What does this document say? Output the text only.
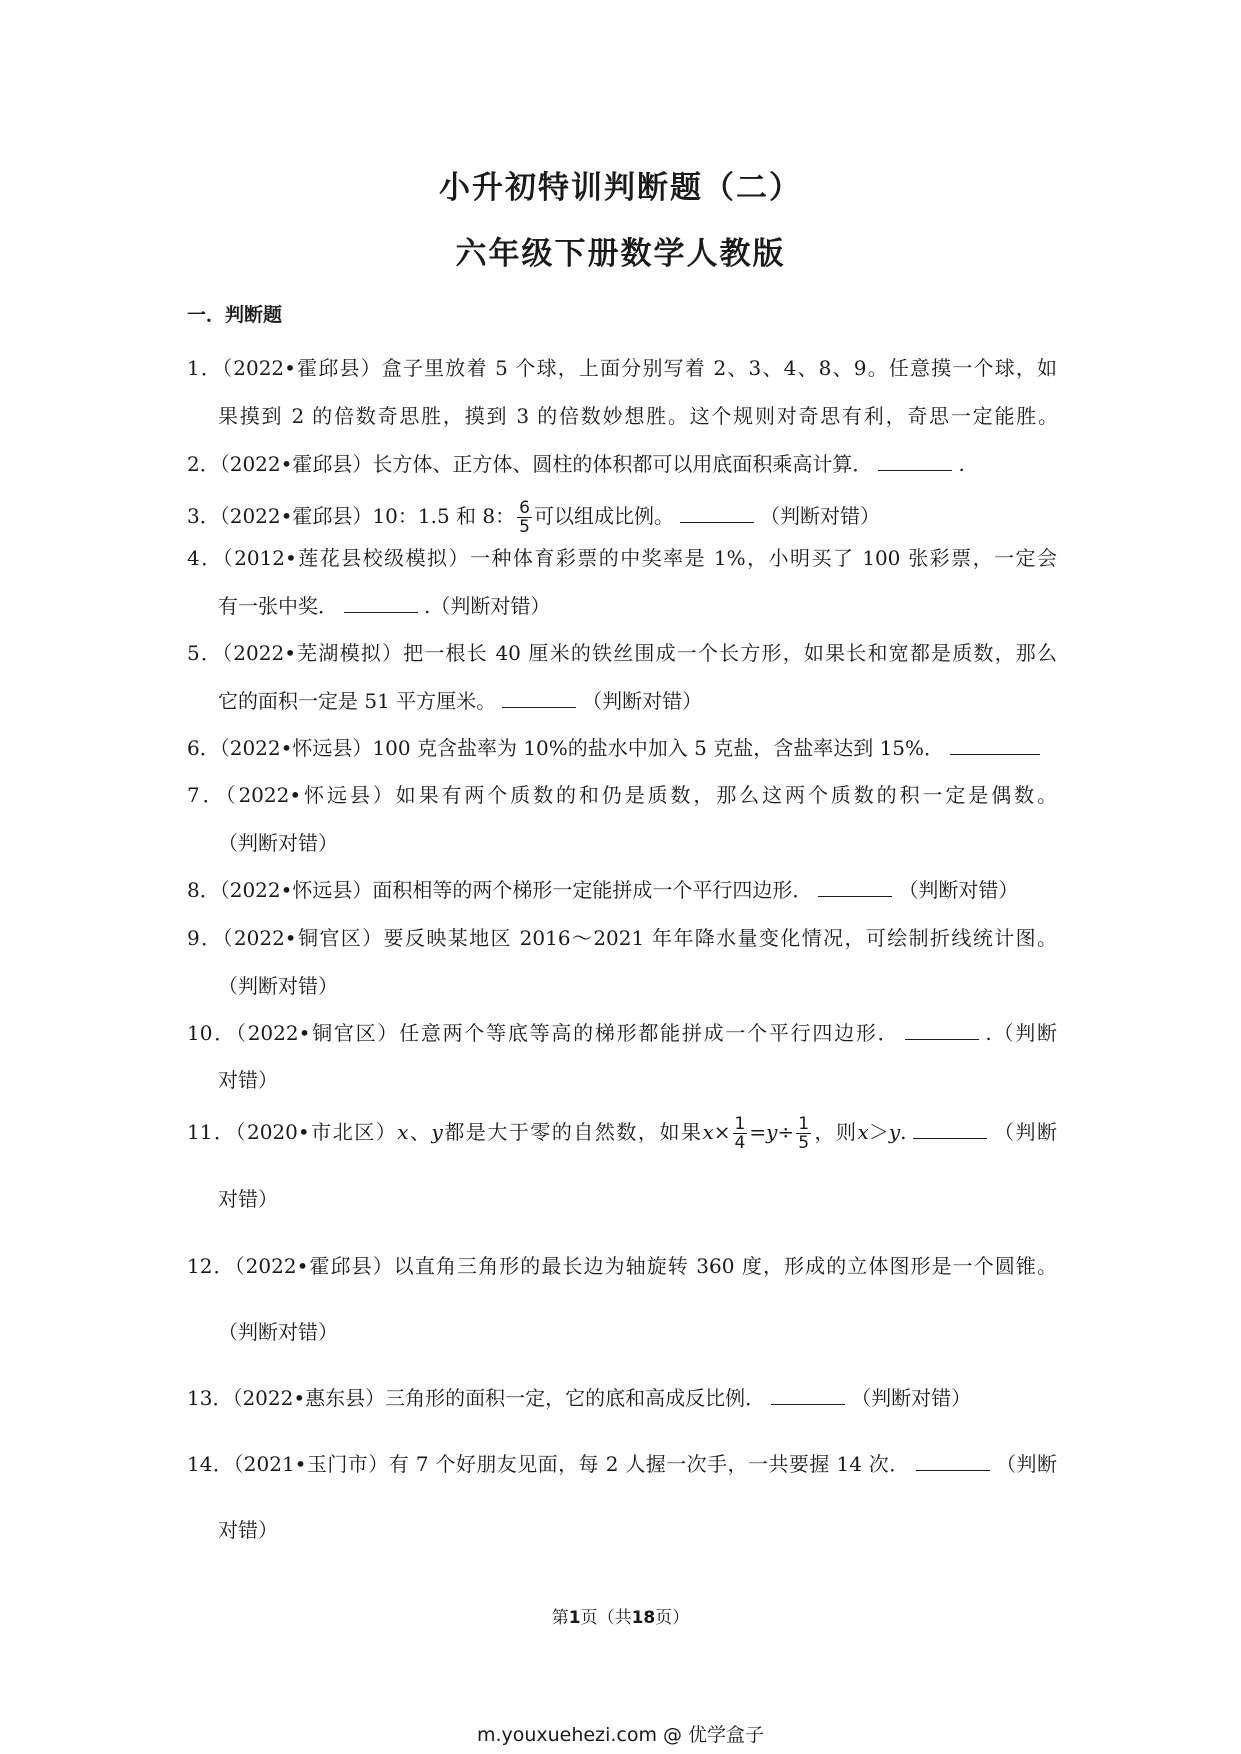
小升初特训判断题（二）
六年级下册数学人教版
一．判断题
1．（2022•霍邱县）盒子里放着 5 个球，上面分别写着 2、3、4、8、9。任意摸一个球，如
果摸到 2 的倍数奇思胜，摸到 3 的倍数妙想胜。这个规则对奇思有利，奇思一定能胜。
2．（2022•霍邱县）长方体、正方体、圆柱的体积都可以用底面积乘高计算．	.
3．（2022•霍邱县）10：1.5 和 8： $\frac{6}{5}$ 可以组成比例。	（判断对错）
4．（2012•莲花县校级模拟）一种体育彩票的中奖率是 1%，小明买了 100 张彩票，一定会
有一张中奖．	.（判断对错）
5．（2022•芜湖模拟）把一根长 40 厘米的铁丝围成一个长方形，如果长和宽都是质数，那么
它的面积一定是 51 平方厘米。	（判断对错）
6．（2022•怀远县）100 克含盐率为 10%的盐水中加入 5 克盐，含盐率达到 15%．
7．（2022•怀远县）如果有两个质数的和仍是质数，那么这两个质数的积一定是偶数。
（判断对错）
8．（2022•怀远县）面积相等的两个梯形一定能拼成一个平行四边形．	（判断对错）
9．（2022•铜官区）要反映某地区 2016～2021 年年降水量变化情况，可绘制折线统计图。
（判断对错）
10．（2022•铜官区）任意两个等底等高的梯形都能拼成一个平行四边形．	.（判断
对错）
11．（2020•市北区）x、y都是大于零的自然数，如果$x\times \frac{1}{4} =y\div \frac{1}{5}$ ，则x＞y.	（判断
对错）
12．（2022•霍邱县）以直角三角形的最长边为轴旋转 360 度，形成的立体图形是一个圆锥。
（判断对错）
13．（2022•惠东县）三角形的面积一定，它的底和高成反比例．	（判断对错）
14．（2021•玉门市）有 7 个好朋友见面，每 2 人握一次手，一共要握 14 次．	（判断
对错）
第1页（共18页）
m.youxuehezi.com @ 优学盒子
